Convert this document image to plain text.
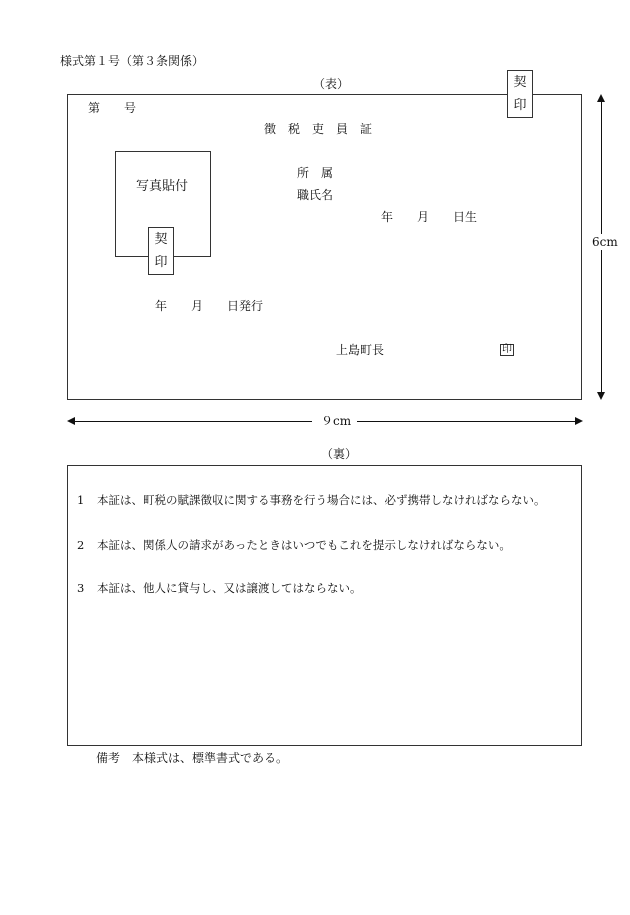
様式第１号（第３条関係）
（表）
第　　号
徴　税　吏　員　証
写真貼付
契
印
所　属
職氏名
年　　月　　日生
年　　月　　日発行
上島町長	印
契
印
6cm
９cm
（裏）
1 本証は、町税の賦課徴収に関する事務を行う場合には、必ず携帯しなければならない。
2 本証は、関係人の請求があったときはいつでもこれを提示しなければならない。
3 本証は、他人に貸与し、又は譲渡してはならない。
備考　本様式は、標準書式である。
